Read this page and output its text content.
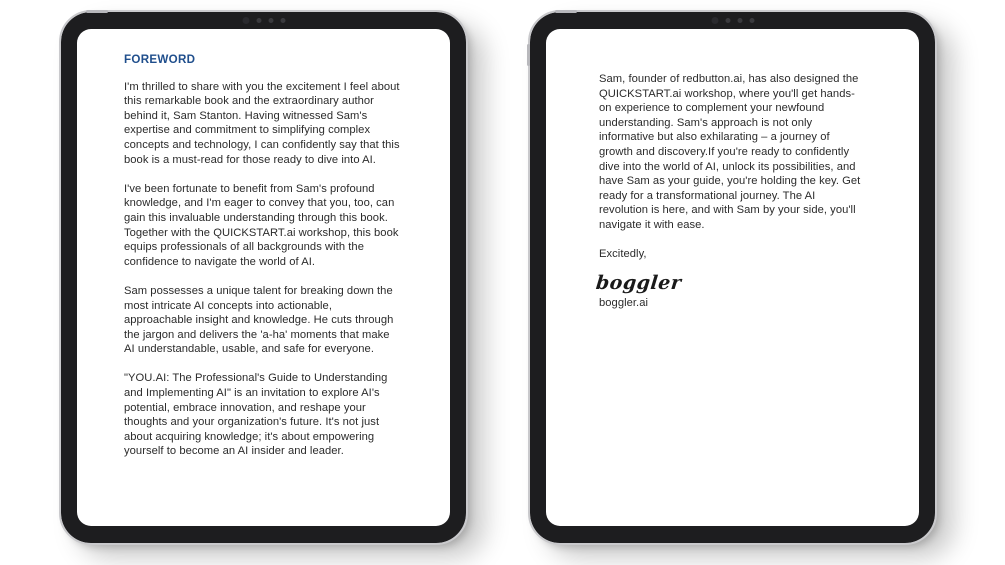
FOREWORD

I'm thrilled to share with you the excitement I feel about this remarkable book and the extraordinary author behind it, Sam Stanton. Having witnessed Sam's expertise and commitment to simplifying complex concepts and technology, I can confidently say that this book is a must-read for those ready to dive into AI.

I've been fortunate to benefit from Sam's profound knowledge, and I'm eager to convey that you, too, can gain this invaluable understanding through this book. Together with the QUICKSTART.ai workshop, this book equips professionals of all backgrounds with the confidence to navigate the world of AI.

Sam possesses a unique talent for breaking down the most intricate AI concepts into actionable, approachable insight and knowledge. He cuts through the jargon and delivers the 'a-ha' moments that make AI understandable, usable, and safe for everyone.

"YOU.AI: The Professional's Guide to Understanding and Implementing AI" is an invitation to explore AI's potential, embrace innovation, and reshape your thoughts and your organization's future. It's not just about acquiring knowledge; it's about empowering yourself to become an AI insider and leader.

Sam, founder of redbutton.ai, has also designed the QUICKSTART.ai workshop, where you'll get hands-on experience to complement your newfound understanding. Sam's approach is not only informative but also exhilarating – a journey of growth and discovery.If you're ready to confidently dive into the world of AI, unlock its possibilities, and have Sam as your guide, you're holding the key. Get ready for a transformational journey. The AI revolution is here, and with Sam by your side, you'll navigate it with ease.

Excitedly,

boggler

boggler.ai
